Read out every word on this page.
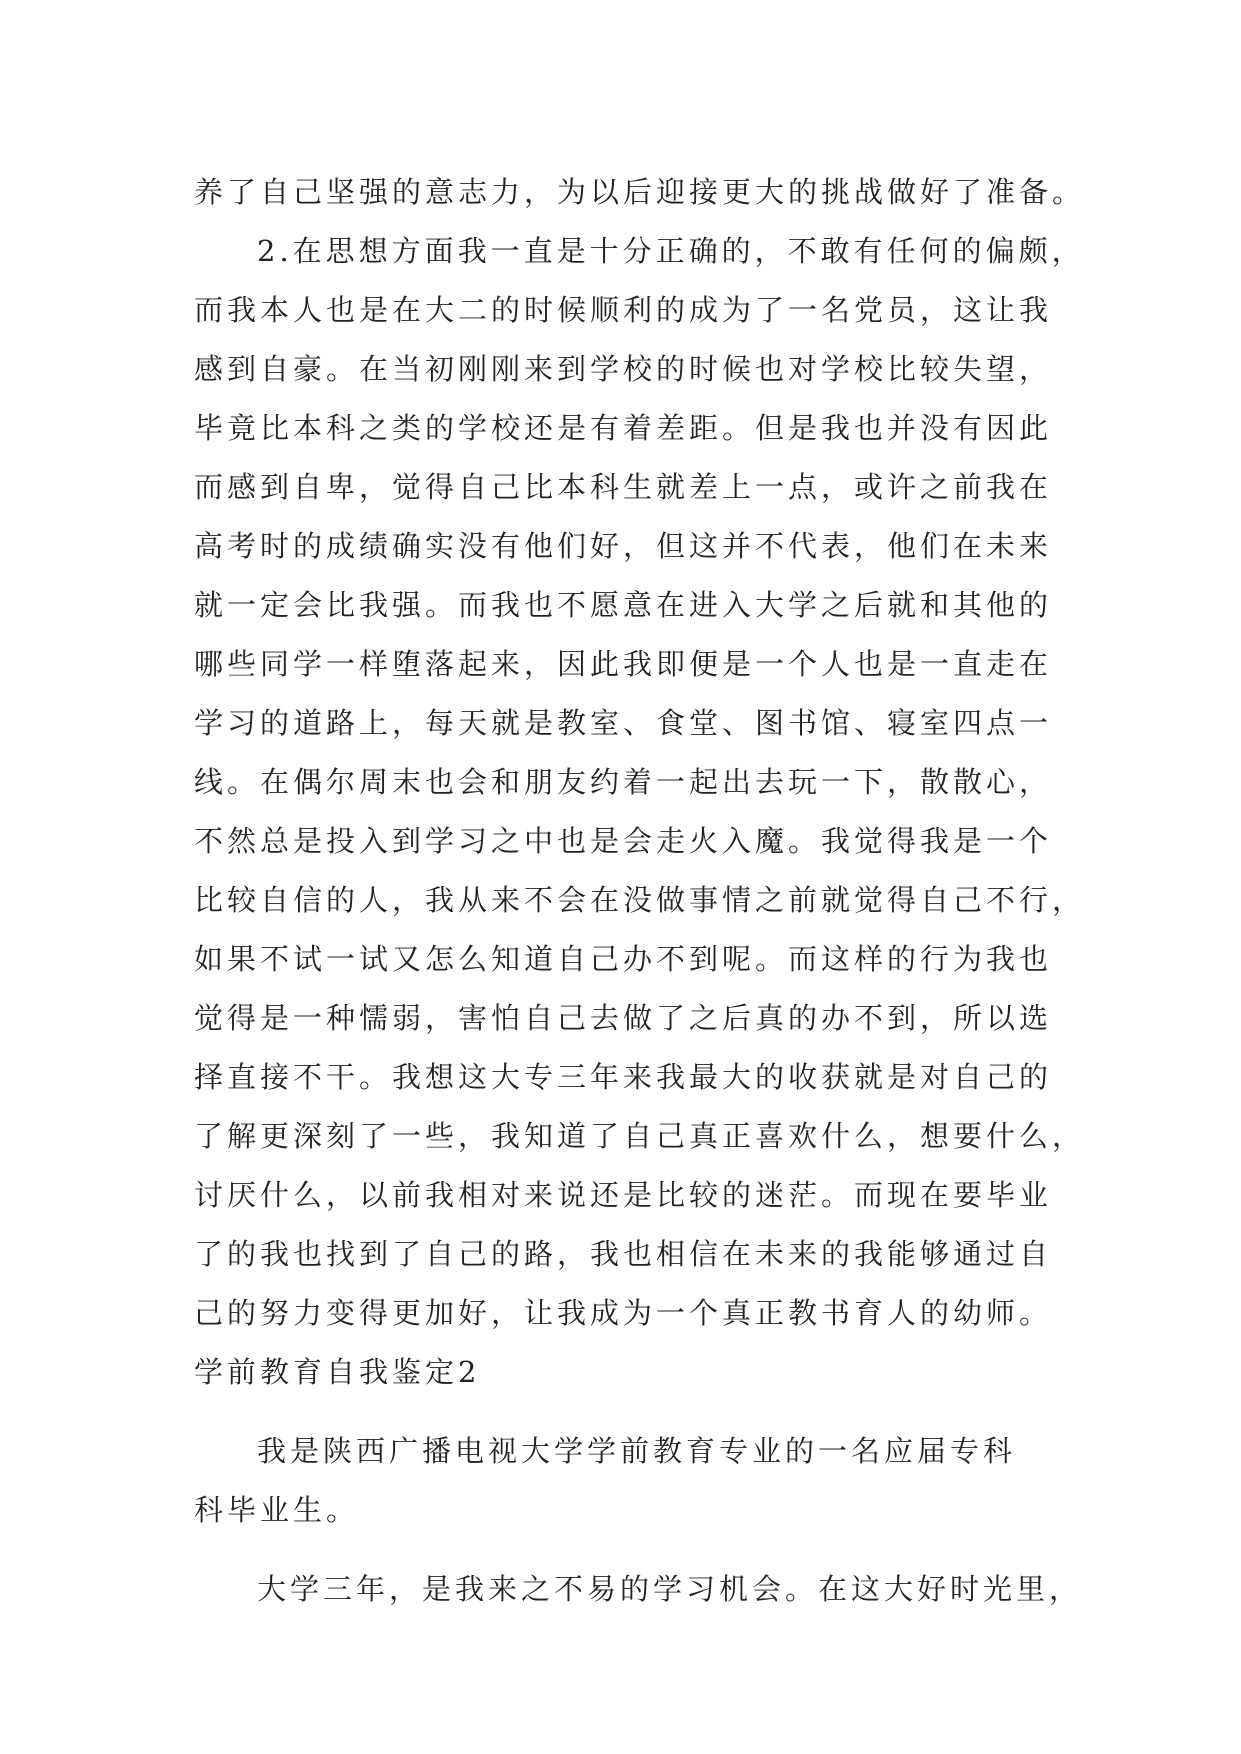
养了自己坚强的意志力，为以后迎接更大的挑战做好了准备。
2.在思想方面我一直是十分正确的，不敢有任何的偏颇，
而我本人也是在大二的时候顺利的成为了一名党员，这让我
感到自豪。在当初刚刚来到学校的时候也对学校比较失望，
毕竟比本科之类的学校还是有着差距。但是我也并没有因此
而感到自卑，觉得自己比本科生就差上一点，或许之前我在
高考时的成绩确实没有他们好，但这并不代表，他们在未来
就一定会比我强。而我也不愿意在进入大学之后就和其他的
哪些同学一样堕落起来，因此我即便是一个人也是一直走在
学习的道路上，每天就是教室、食堂、图书馆、寝室四点一
线。在偶尔周末也会和朋友约着一起出去玩一下，散散心，
不然总是投入到学习之中也是会走火入魔。我觉得我是一个
比较自信的人，我从来不会在没做事情之前就觉得自己不行，
如果不试一试又怎么知道自己办不到呢。而这样的行为我也
觉得是一种懦弱，害怕自己去做了之后真的办不到，所以选
择直接不干。我想这大专三年来我最大的收获就是对自己的
了解更深刻了一些，我知道了自己真正喜欢什么，想要什么，
讨厌什么，以前我相对来说还是比较的迷茫。而现在要毕业
了的我也找到了自己的路，我也相信在未来的我能够通过自
己的努力变得更加好，让我成为一个真正教书育人的幼师。
学前教育自我鉴定2
我是陕西广播电视大学学前教育专业的一名应届专科
科毕业生。
大学三年，是我来之不易的学习机会。在这大好时光里，
